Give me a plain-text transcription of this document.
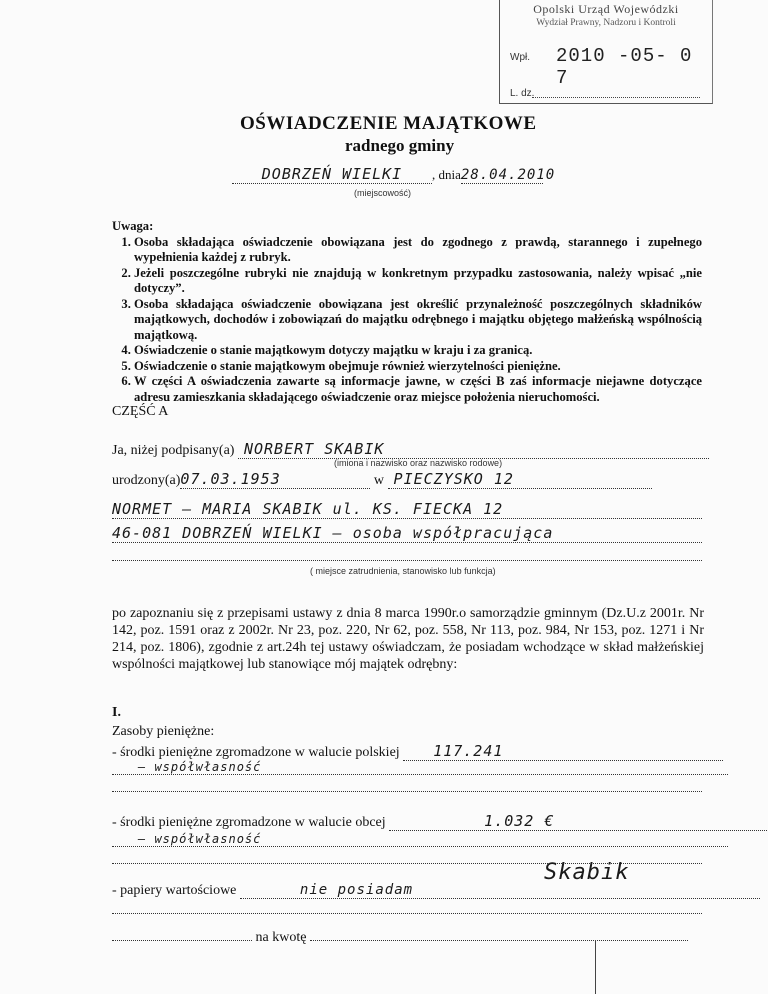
Opolski Urząd Wojewódzki
Wydział Prawny, Nadzoru i Kontroli
Wpł. 2010 -05- 0 7
L. dz.
OŚWIADCZENIE MAJĄTKOWE
radnego gminy
DOBRZEŃ WIELKI , dnia28.04.2010
(miejscowość)
Uwaga:
1. Osoba składająca oświadczenie obowiązana jest do zgodnego z prawdą, starannego i zupełnego wypełnienia każdej z rubryk.
2. Jeżeli poszczególne rubryki nie znajdują w konkretnym przypadku zastosowania, należy wpisać „nie dotyczy”.
3. Osoba składająca oświadczenie obowiązana jest określić przynależność poszczególnych składników majątkowych, dochodów i zobowiązań do majątku odrębnego i majątku objętego małżeńską wspólnością majątkową.
4. Oświadczenie o stanie majątkowym dotyczy majątku w kraju i za granicą.
5. Oświadczenie o stanie majątkowym obejmuje również wierzytelności pieniężne.
6. W części A oświadczenia zawarte są informacje jawne, w części B zaś informacje niejawne dotyczące adresu zamieszkania składającego oświadczenie oraz miejsce położenia nieruchomości.
CZĘŚĆ A
Ja, niżej podpisany(a) NORBERT SKABIK
(imiona i nazwisko oraz nazwisko rodowe)
urodzony(a)07.03.1953	w PIECZYSKO 12
NORMET – MARIA SKABIK ul. KS. FIECKA 12
46-081 DOBRZEŃ WIELKI – osoba współpracująca
( miejsce zatrudnienia, stanowisko lub funkcja)
po zapoznaniu się z przepisami ustawy z dnia 8 marca 1990r.o samorządzie gminnym (Dz.U.z 2001r. Nr 142, poz. 1591 oraz z 2002r. Nr 23, poz. 220, Nr 62, poz. 558, Nr 113, poz. 984, Nr 153, poz. 1271 i Nr 214, poz. 1806), zgodnie z art.24h tej ustawy oświadczam, że posiadam wchodzące w skład małżeńskiej wspólności majątkowej lub stanowiące mój majątek odrębny:
I.
Zasoby pieniężne:
- środki pieniężne zgromadzone w walucie polskiej 117.241
– współwłasność
- środki pieniężne zgromadzone w walucie obcej	1.032 €
– współwłasność
- papiery wartościowe	nie posiadam
na kwotę
Skabik
